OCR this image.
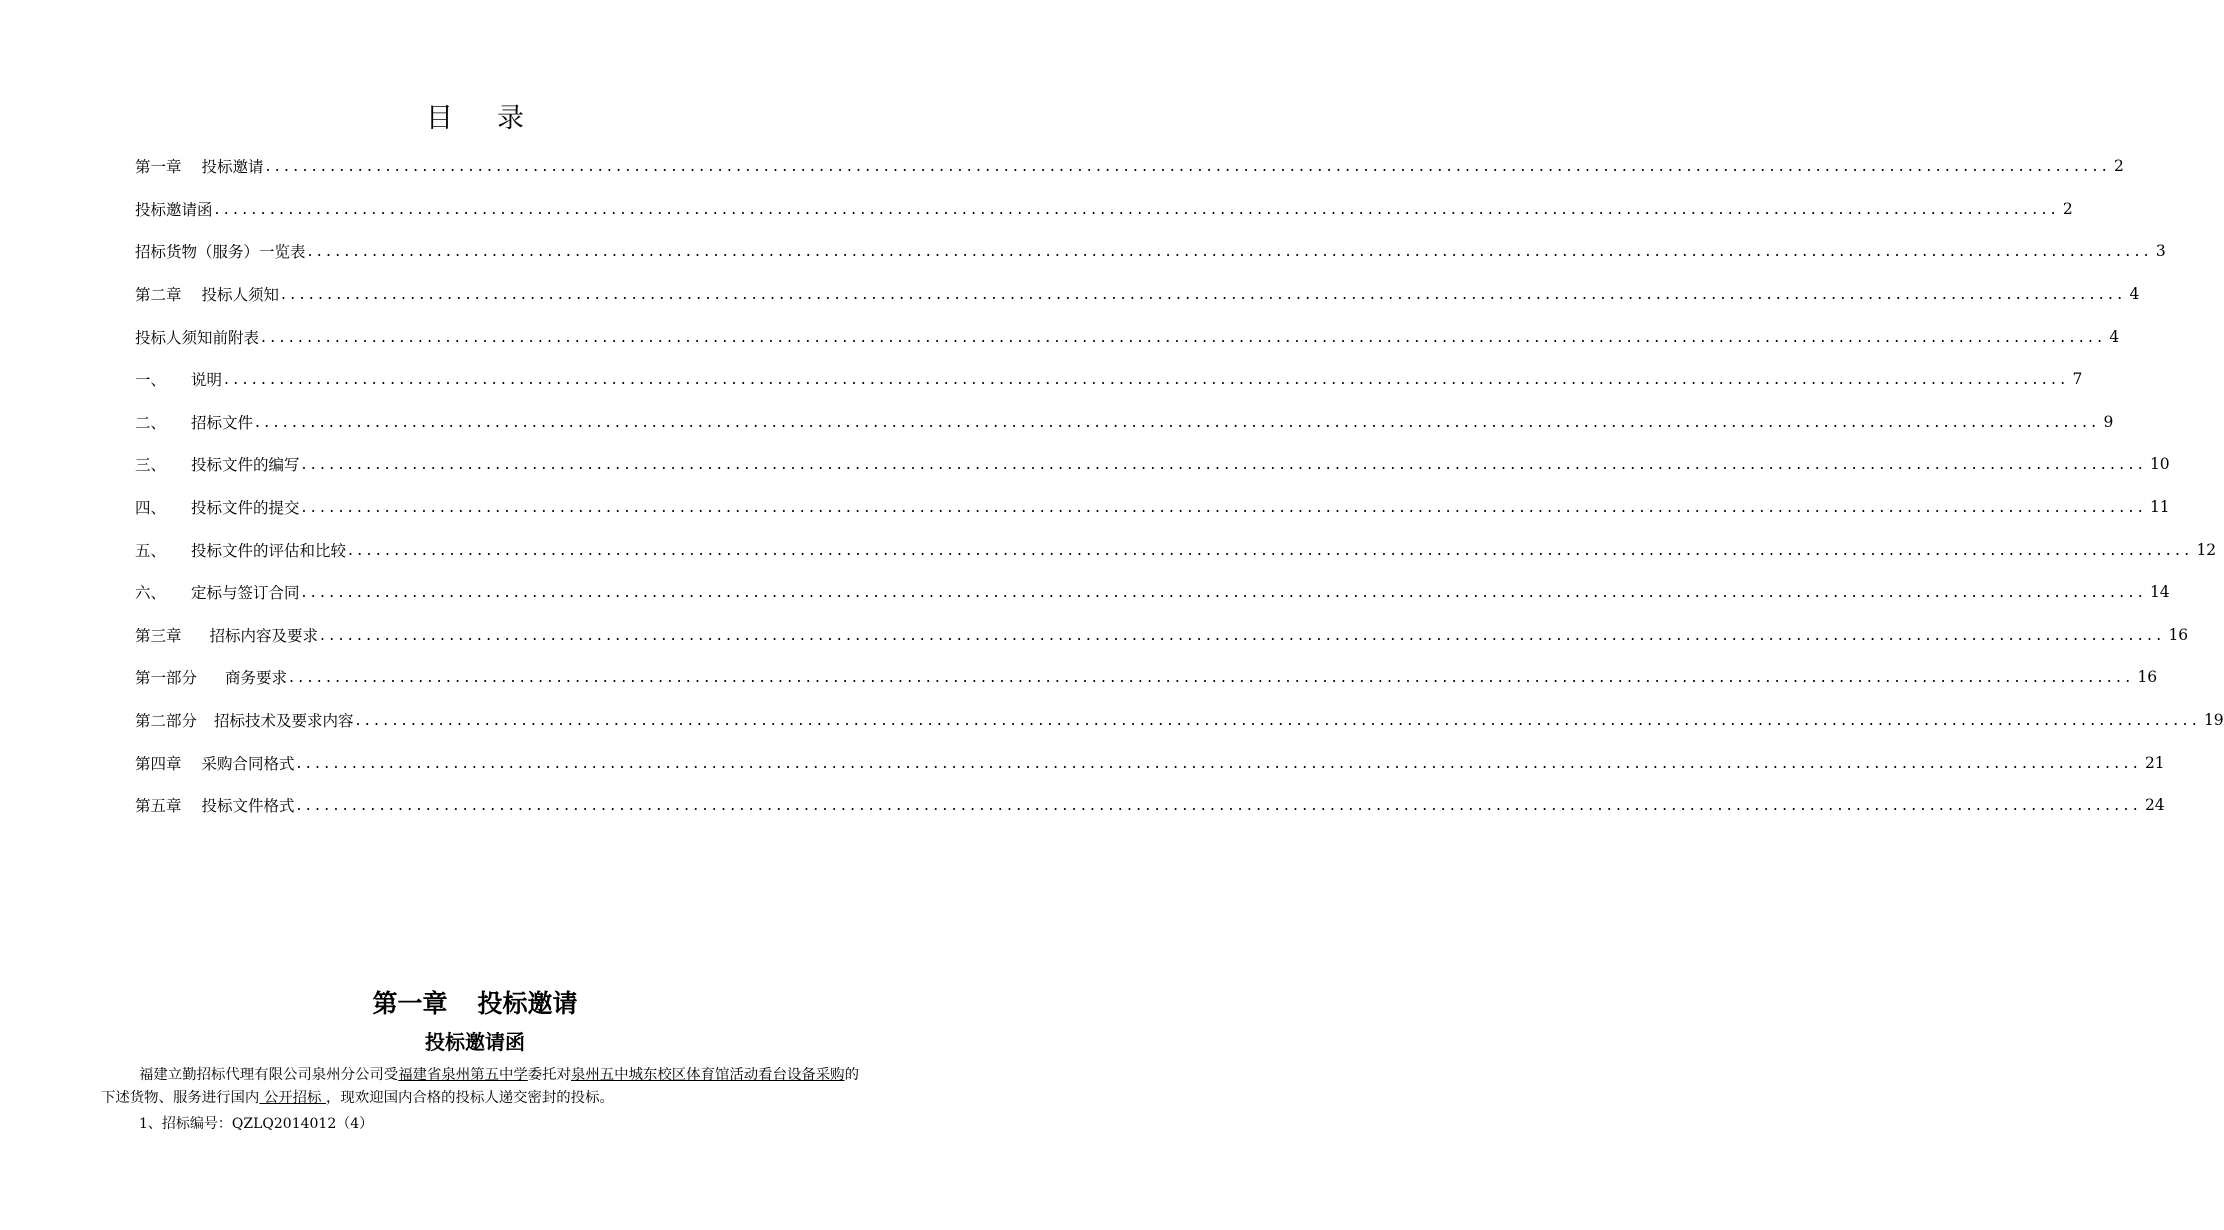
目 录
第一章 投标邀请 ........................................................................................................................................................................................................ 2
投标邀请函 ........................................................................................................................................................................................................ 2
招标货物（服务）一览表 ........................................................................................................................................................................................................ 3
第二章 投标人须知 ........................................................................................................................................................................................................ 4
投标人须知前附表 ........................................................................................................................................................................................................ 4
一、 说明 ........................................................................................................................................................................................................ 7
二、 招标文件 ........................................................................................................................................................................................................ 9
三、 投标文件的编写 ........................................................................................................................................................................................................ 10
四、 投标文件的提交 ........................................................................................................................................................................................................ 11
五、 投标文件的评估和比较 ........................................................................................................................................................................................................ 12
六、 定标与签订合同 ........................................................................................................................................................................................................ 14
第三章 招标内容及要求 ........................................................................................................................................................................................................ 16
第一部分 商务要求 ........................................................................................................................................................................................................ 16
第二部分 招标技术及要求内容 ........................................................................................................................................................................................................ 19
第四章 采购合同格式 ........................................................................................................................................................................................................ 21
第五章 投标文件格式 ........................................................................................................................................................................................................ 24
第一章 投标邀请
投标邀请函
福建立勤招标代理有限公司泉州分公司受福建省泉州第五中学委托对泉州五中城东校区体育馆活动看台设备采购的下述货物、服务进行国内 公开招标 ，现欢迎国内合格的投标人递交密封的投标。
1、招标编号：QZLQ2014012（4）
